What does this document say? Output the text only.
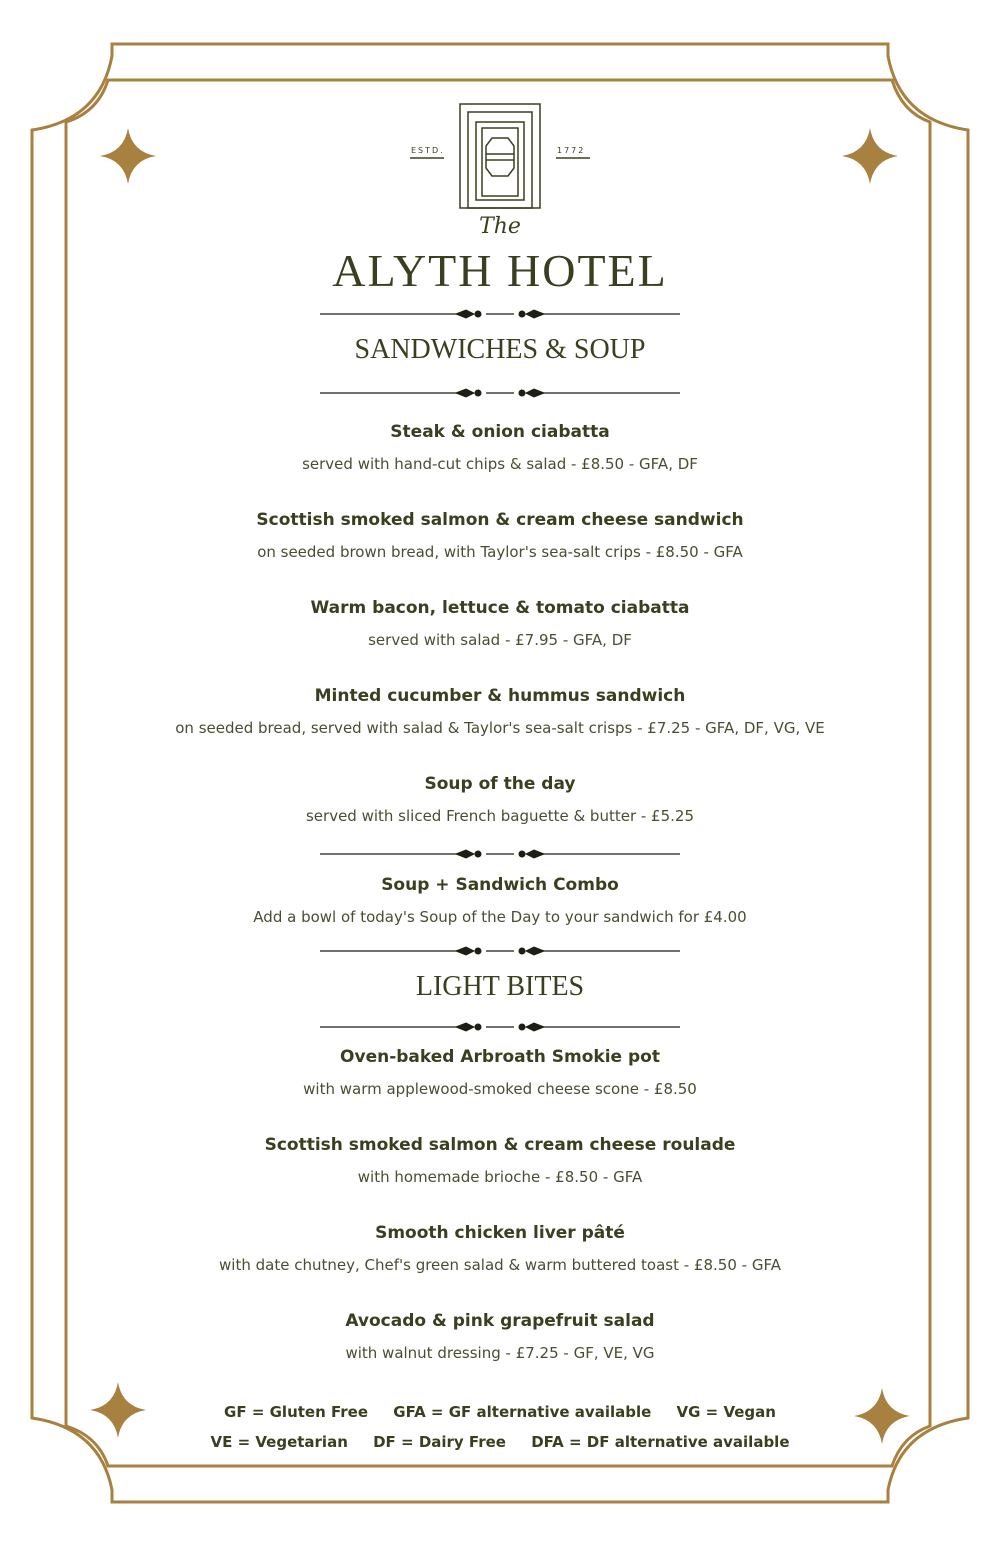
ESTD.	1772
The
ALYTH HOTEL
SANDWICHES & SOUP
Steak & onion ciabatta
served with hand-cut chips & salad - £8.50 - GFA, DF
Scottish smoked salmon & cream cheese sandwich
on seeded brown bread, with Taylor's sea-salt crips - £8.50 - GFA
Warm bacon, lettuce & tomato ciabatta
served with salad - £7.95 - GFA, DF
Minted cucumber & hummus sandwich
on seeded bread, served with salad & Taylor's sea-salt crisps - £7.25 - GFA, DF, VG, VE
Soup of the day
served with sliced French baguette & butter - £5.25
Soup + Sandwich Combo
Add a bowl of today's Soup of the Day to your sandwich for £4.00
LIGHT BITES
Oven-baked Arbroath Smokie pot
with warm applewood-smoked cheese scone - £8.50
Scottish smoked salmon & cream cheese roulade
with homemade brioche - £8.50 - GFA
Smooth chicken liver pâté
with date chutney, Chef's green salad & warm buttered toast - £8.50 - GFA
Avocado & pink grapefruit salad
with walnut dressing - £7.25 - GF, VE, VG
GF = Gluten Free GFA = GF alternative available VG = Vegan
VE = Vegetarian DF = Dairy Free DFA = DF alternative available
